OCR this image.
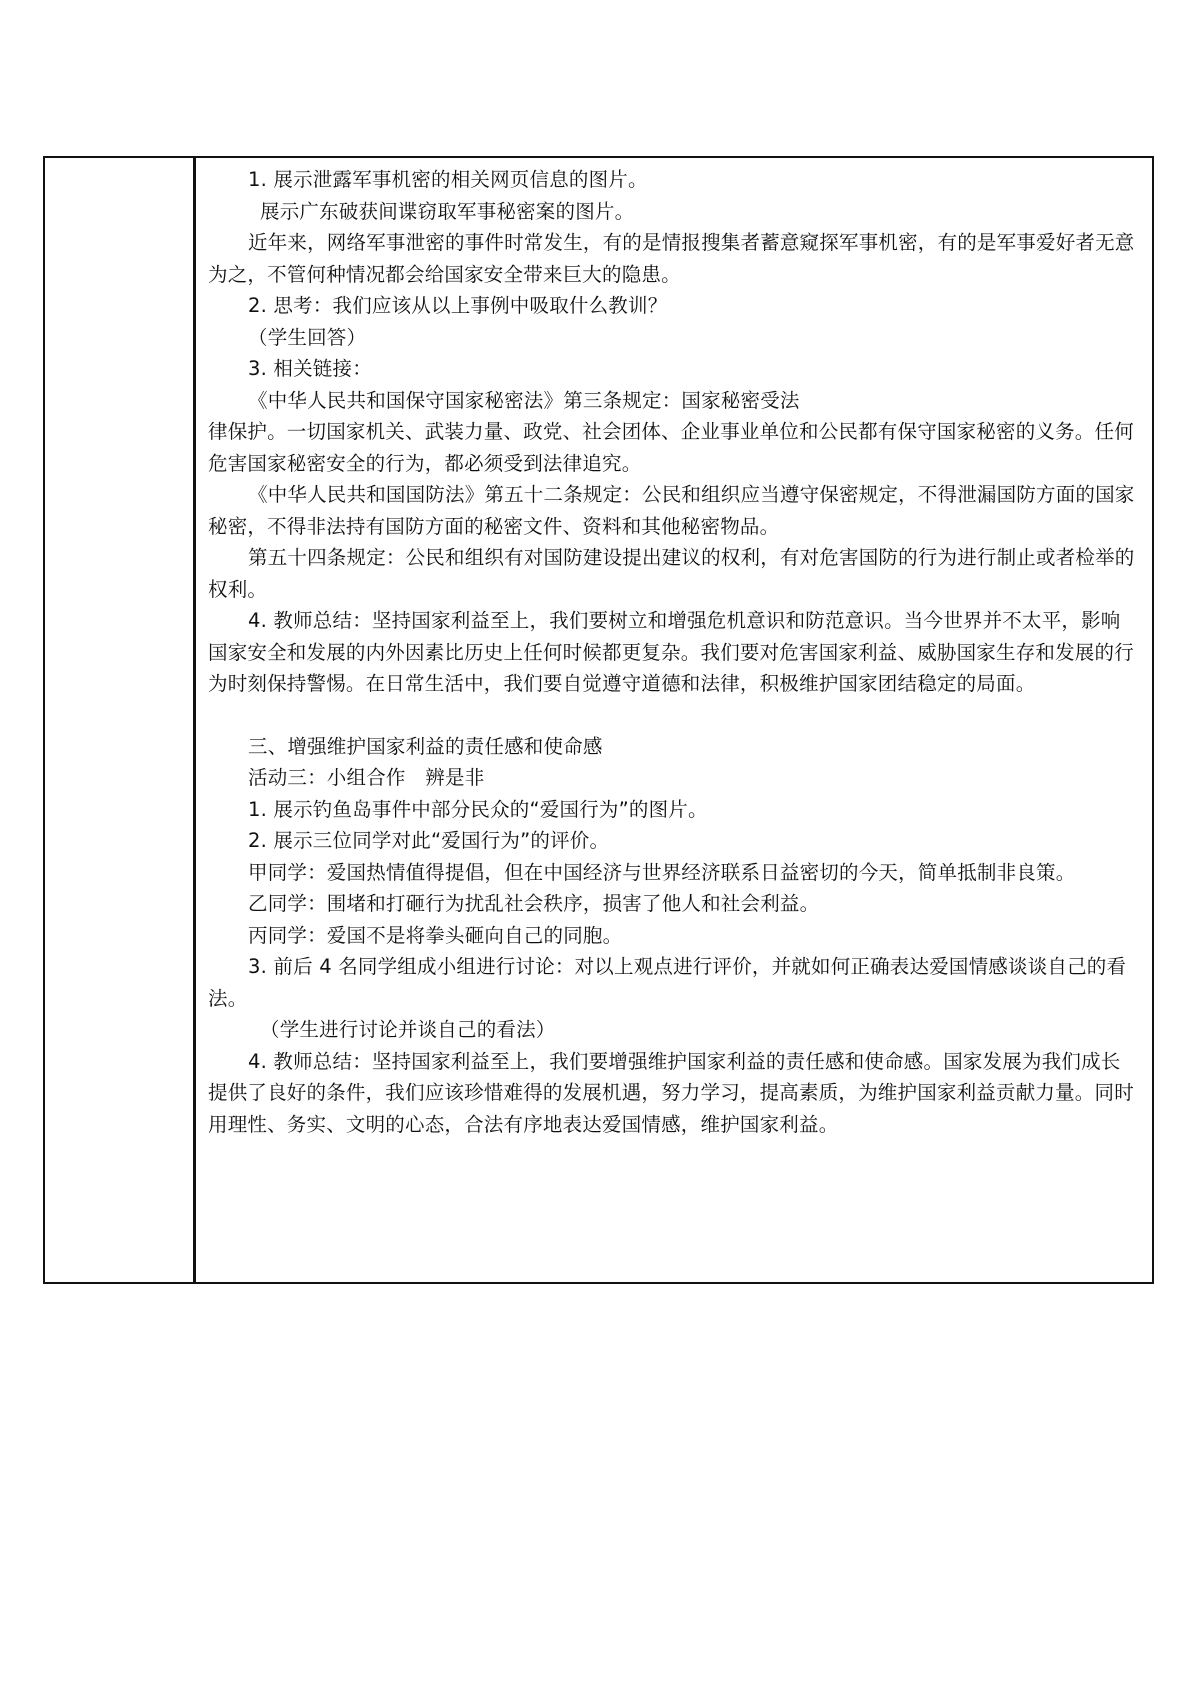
1. 展示泄露军事机密的相关网页信息的图片。

展示广东破获间谍窃取军事秘密案的图片。

近年来，网络军事泄密的事件时常发生，有的是情报搜集者蓄意窥探军事机密，有的是军事爱好者无意为之，不管何种情况都会给国家安全带来巨大的隐患。

2. 思考：我们应该从以上事例中吸取什么教训？

（学生回答）

3. 相关链接：

《中华人民共和国保守国家秘密法》第三条规定：国家秘密受法

律保护。一切国家机关、武装力量、政党、社会团体、企业事业单位和公民都有保守国家秘密的义务。任何危害国家秘密安全的行为，都必须受到法律追究。

《中华人民共和国国防法》第五十二条规定：公民和组织应当遵守保密规定，不得泄漏国防方面的国家秘密，不得非法持有国防方面的秘密文件、资料和其他秘密物品。

第五十四条规定：公民和组织有对国防建设提出建议的权利，有对危害国防的行为进行制止或者检举的权利。

4. 教师总结：坚持国家利益至上，我们要树立和增强危机意识和防范意识。当今世界并不太平，影响国家安全和发展的内外因素比历史上任何时候都更复杂。我们要对危害国家利益、威胁国家生存和发展的行为时刻保持警惕。在日常生活中，我们要自觉遵守道德和法律，积极维护国家团结稳定的局面。

三、增强维护国家利益的责任感和使命感

活动三：小组合作　辨是非

1. 展示钓鱼岛事件中部分民众的“爱国行为”的图片。

2. 展示三位同学对此“爱国行为”的评价。

甲同学：爱国热情值得提倡，但在中国经济与世界经济联系日益密切的今天，简单抵制非良策。

乙同学：围堵和打砸行为扰乱社会秩序，损害了他人和社会利益。

丙同学：爱国不是将拳头砸向自己的同胞。

3. 前后 4 名同学组成小组进行讨论：对以上观点进行评价，并就如何正确表达爱国情感谈谈自己的看法。

（学生进行讨论并谈自己的看法）

4. 教师总结：坚持国家利益至上，我们要增强维护国家利益的责任感和使命感。国家发展为我们成长提供了良好的条件，我们应该珍惜难得的发展机遇，努力学习，提高素质，为维护国家利益贡献力量。同时用理性、务实、文明的心态，合法有序地表达爱国情感，维护国家利益。
